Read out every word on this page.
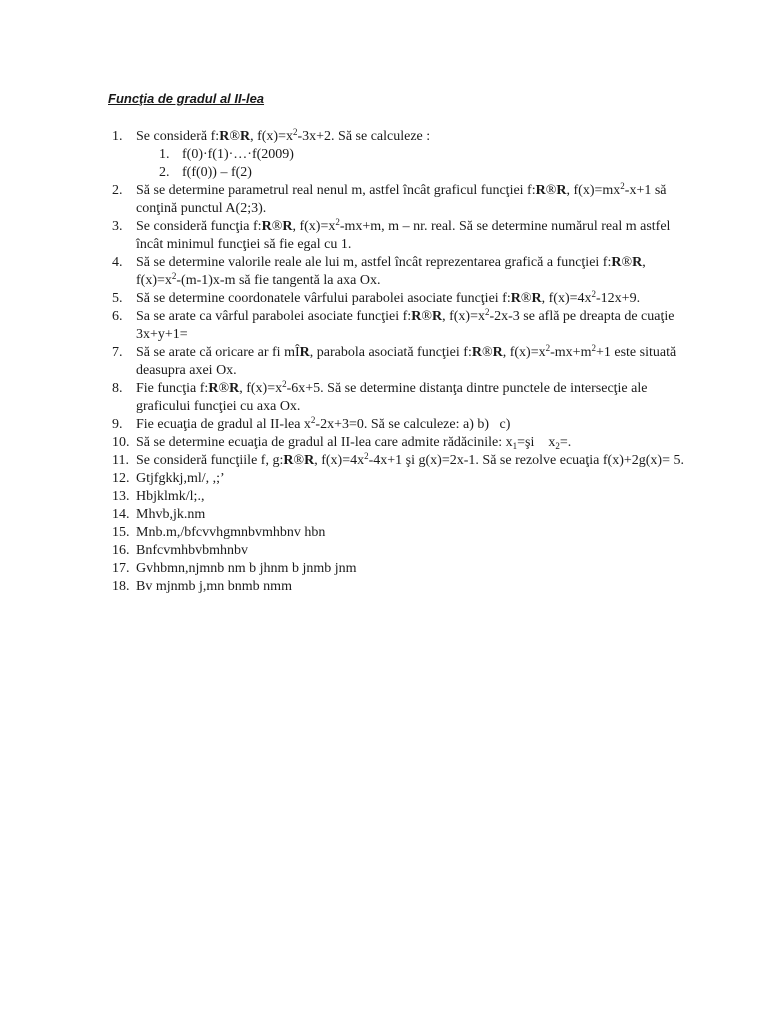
Funcţia de gradul al II-lea
1. Se consideră f:R®R, $f(x)=x^2-3x+2$. Să se calculeze :
1. f(0)·f(1)·…·f(2009)
2. f(f(0)) – f(2)
2. Să se determine parametrul real nenul m, astfel încât graficul funcţiei f:R®R, $f(x)=mx^2-x+1$ să conţină punctul A(2;3).
3. Se consideră funcţia f:R®R, $f(x)=x^2-mx+m$, m – nr. real. Să se determine numărul real m astfel încât minimul funcţiei să fie egal cu 1.
4. Să se determine valorile reale ale lui m, astfel încât reprezentarea grafică a funcţiei f:R®R, $f(x)=x^2-(m-1)x-m$ să fie tangentă la axa Ox.
5. Să se determine coordonatele vârfului parabolei asociate funcţiei f:R®R, $f(x)=4x^2-12x+9$.
6. Sa se arate ca vârful parabolei asociate funcţiei f:R®R, $f(x)=x^2-2x-3$ se află pe dreapta de cuaţie 3x+y+1=
7. Să se arate că oricare ar fi mÎR, parabola asociată funcţiei f:R®R, $f(x)=x^2-mx+m^2+1$ este situată deasupra axei Ox.
8. Fie funcţia f:R®R, $f(x)=x^2-6x+5$. Să se determine distanţa dintre punctele de intersecţie ale graficului funcţiei cu axa Ox.
9. Fie ecuaţia de gradul al II-lea $x^2-2x+3=0$. Să se calculeze: a) b)   c)
10. Să se determine ecuaţia de gradul al II-lea care admite rădăcinile: $x_1=şi$    $x_2=$.
11. Se consideră funcţiile f, g:R®R, $f(x)=4x^2-4x+1$ şi g(x)=2x-1. Să se rezolve ecuaţia f(x)+2g(x)= 5.
12. Gtjfgkkj,ml/, ,;’
13. Hbjklmk/l;.,
14. Mhvb,jk.nm
15. Mnb.m,/bfcvvhgmnbvmhbnv hbn
16. Bnfcvmhbvbmhnbv
17. Gvhbmn,njmnb nm b jhnm b jnmb jnm
18. Bv mjnmb j,mn bnmb nmm
